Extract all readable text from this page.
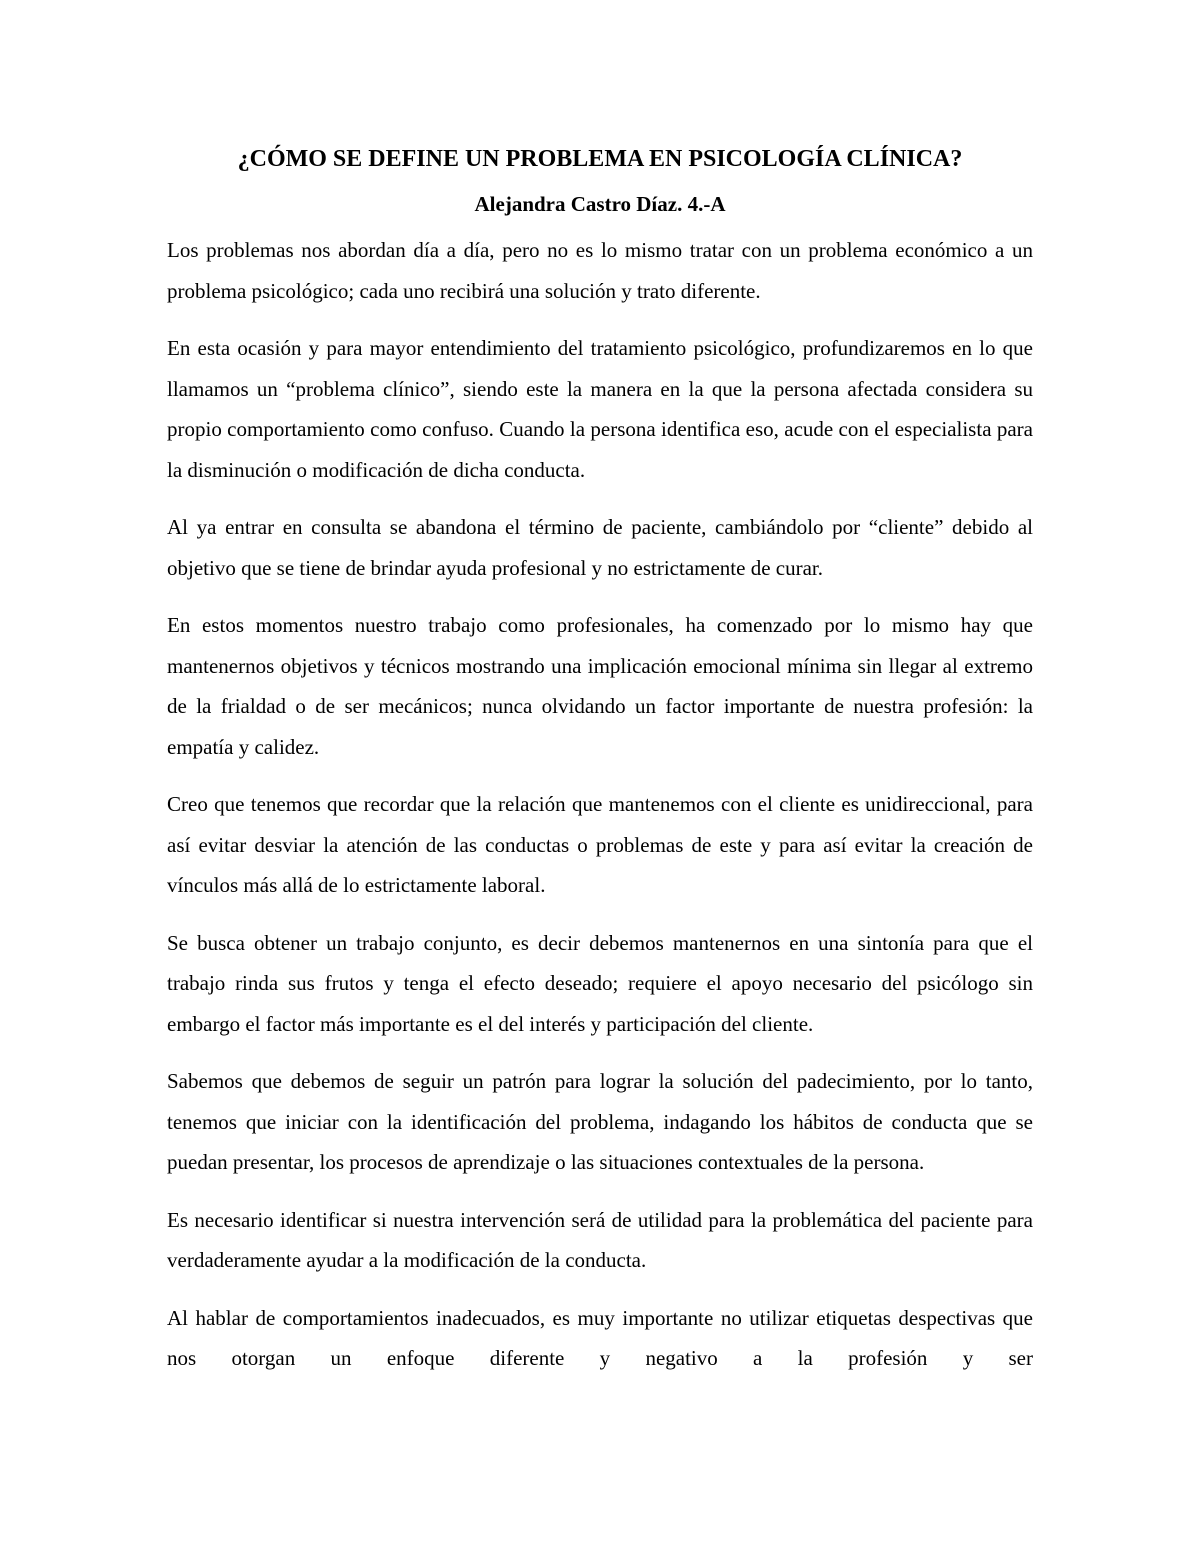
¿CÓMO SE DEFINE UN PROBLEMA EN PSICOLOGÍA CLÍNICA?
Alejandra Castro Díaz. 4.-A

Los problemas nos abordan día a día, pero no es lo mismo tratar con un problema económico a un problema psicológico; cada uno recibirá una solución y trato diferente.

En esta ocasión y para mayor entendimiento del tratamiento psicológico, profundizaremos en lo que llamamos un “problema clínico”, siendo este la manera en la que la persona afectada considera su propio comportamiento como confuso. Cuando la persona identifica eso, acude con el especialista para la disminución o modificación de dicha conducta.

Al ya entrar en consulta se abandona el término de paciente, cambiándolo por “cliente” debido al objetivo que se tiene de brindar ayuda profesional y no estrictamente de curar.

En estos momentos nuestro trabajo como profesionales, ha comenzado por lo mismo hay que mantenernos objetivos y técnicos mostrando una implicación emocional mínima sin llegar al extremo de la frialdad o de ser mecánicos; nunca olvidando un factor importante de nuestra profesión: la empatía y calidez.

Creo que tenemos que recordar que la relación que mantenemos con el cliente es unidireccional, para así evitar desviar la atención de las conductas o problemas de este y para así evitar la creación de vínculos más allá de lo estrictamente laboral.

Se busca obtener un trabajo conjunto, es decir debemos mantenernos en una sintonía para que el trabajo rinda sus frutos y tenga el efecto deseado; requiere el apoyo necesario del psicólogo sin embargo el factor más importante es el del interés y participación del cliente.

Sabemos que debemos de seguir un patrón para lograr la solución del padecimiento, por lo tanto, tenemos que iniciar con la identificación del problema, indagando los hábitos de conducta que se puedan presentar, los procesos de aprendizaje o las situaciones contextuales de la persona.

Es necesario identificar si nuestra intervención será de utilidad para la problemática del paciente para verdaderamente ayudar a la modificación de la conducta.

Al hablar de comportamientos inadecuados, es muy importante no utilizar etiquetas despectivas que nos otorgan un enfoque diferente y negativo a la profesión y ser
